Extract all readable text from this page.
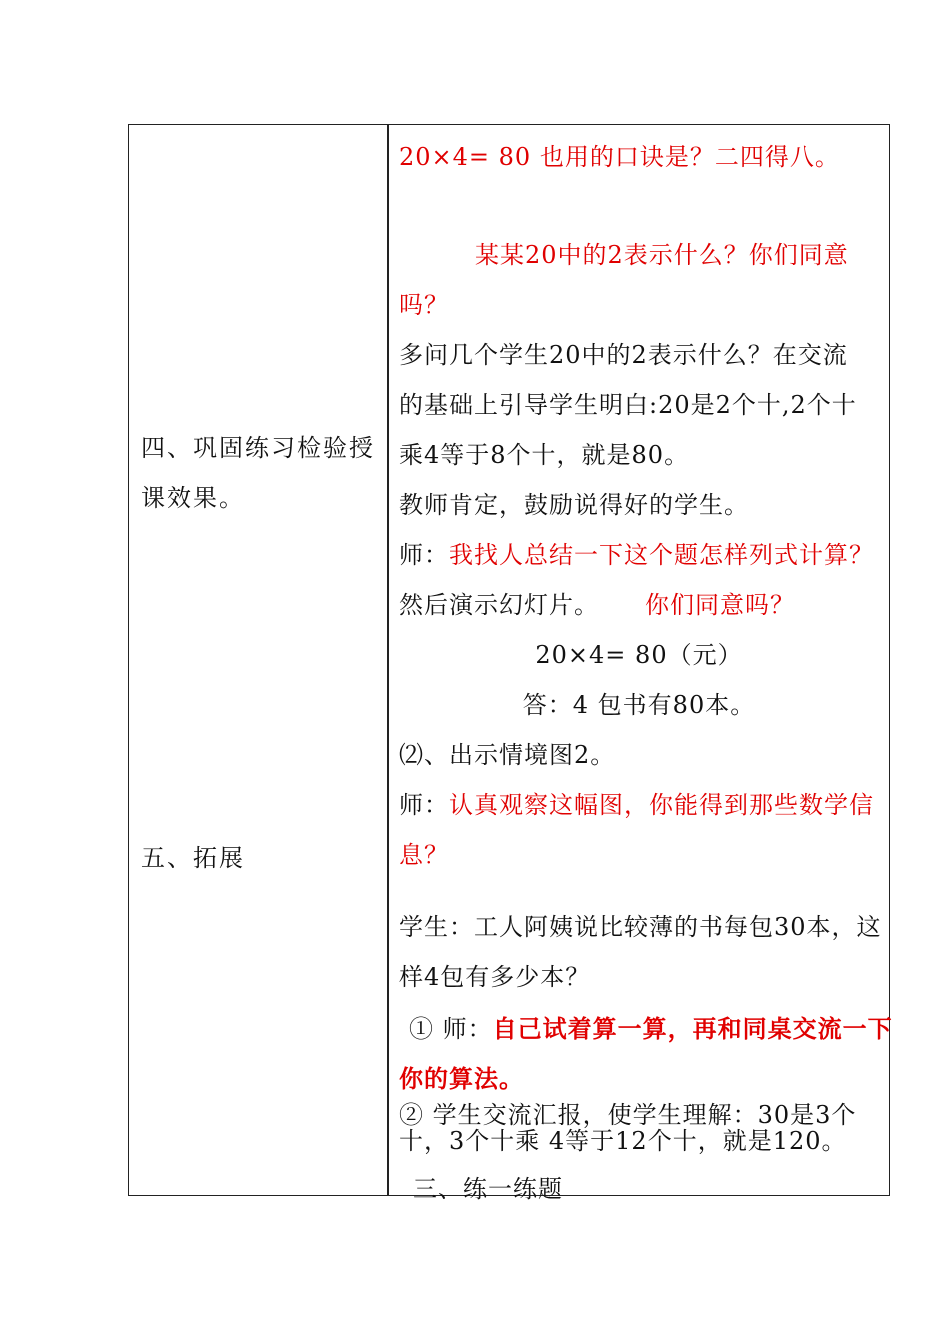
四、巩固练习检验授
课效果。
五、拓展
20×4= 80 也用的口诀是？二四得八。
某某20中的2表示什么？你们同意
吗？
多问几个学生20中的2表示什么？在交流
的基础上引导学生明白:20是2个十,2个十
乘4等于8个十，就是80。
教师肯定，鼓励说得好的学生。
师：我找人总结一下这个题怎样列式计算？
然后演示幻灯片。 你们同意吗？
20×4= 80（元）
答：4 包书有80本。
⑵、出示情境图2。
师：认真观察这幅图，你能得到那些数学信
息？
学生：工人阿姨说比较薄的书每包30本，这
样4包有多少本？
① 师：自己试着算一算，再和同桌交流一下
你的算法。
② 学生交流汇报，使学生理解：30是3个
十，3个十乘 4等于12个十，就是120。
三、练一练题
